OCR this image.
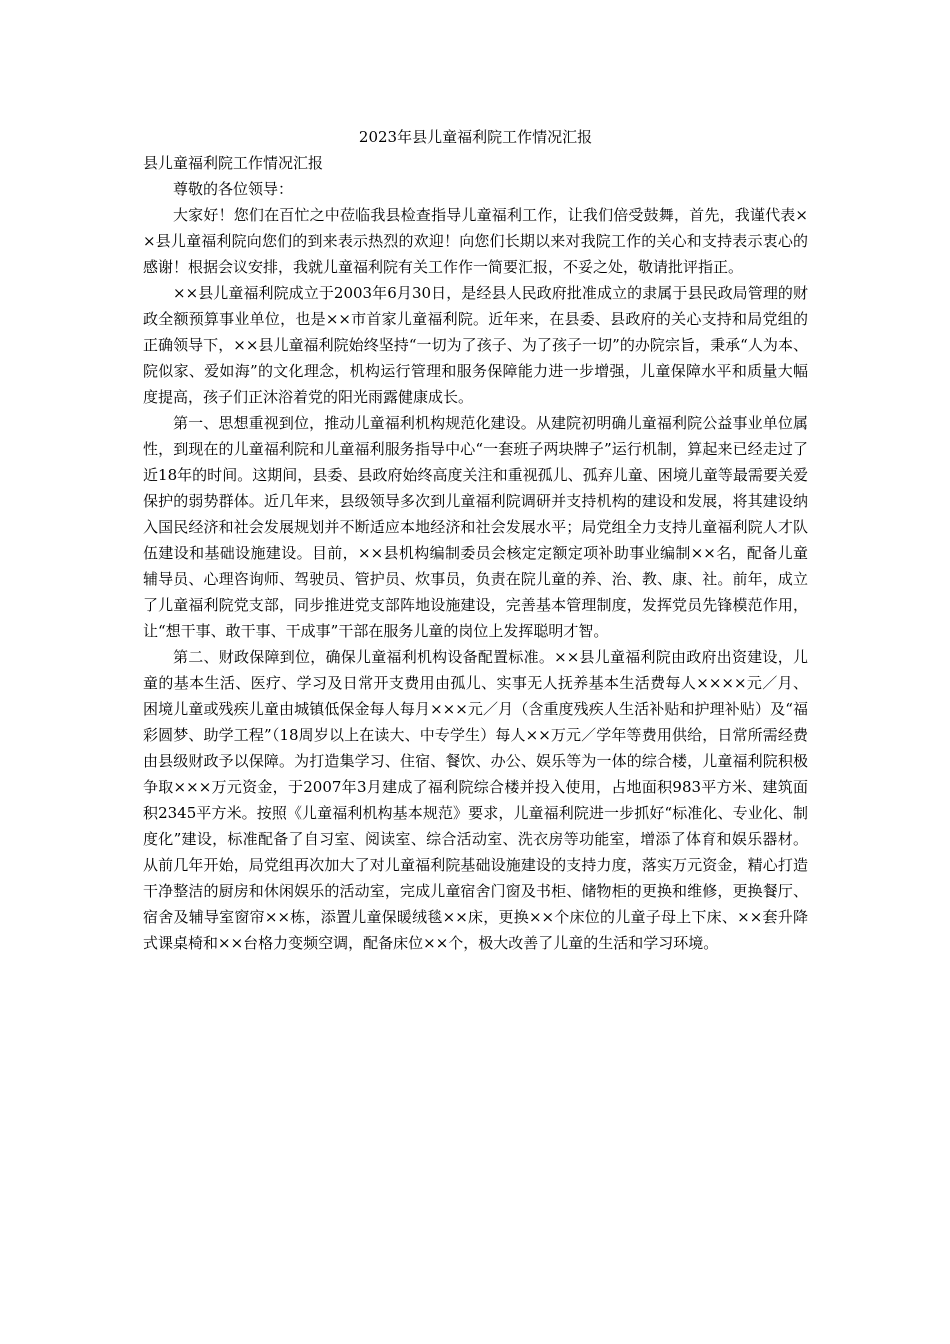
2023年县儿童福利院工作情况汇报

县儿童福利院工作情况汇报

尊敬的各位领导：

大家好！您们在百忙之中莅临我县检查指导儿童福利工作，让我们倍受鼓舞，首先，我谨代表××县儿童福利院向您们的到来表示热烈的欢迎！向您们长期以来对我院工作的关心和支持表示衷心的感谢！根据会议安排，我就儿童福利院有关工作作一简要汇报，不妥之处，敬请批评指正。

××县儿童福利院成立于2003年6月30日，是经县人民政府批准成立的隶属于县民政局管理的财政全额预算事业单位，也是××市首家儿童福利院。近年来，在县委、县政府的关心支持和局党组的正确领导下，××县儿童福利院始终坚持“一切为了孩子、为了孩子一切”的办院宗旨，秉承“人为本、院似家、爱如海”的文化理念，机构运行管理和服务保障能力进一步增强，儿童保障水平和质量大幅度提高，孩子们正沐浴着党的阳光雨露健康成长。

第一、思想重视到位，推动儿童福利机构规范化建设。从建院初明确儿童福利院公益事业单位属性，到现在的儿童福利院和儿童福利服务指导中心“一套班子两块牌子”运行机制，算起来已经走过了近18年的时间。这期间，县委、县政府始终高度关注和重视孤儿、孤弃儿童、困境儿童等最需要关爱保护的弱势群体。近几年来，县级领导多次到儿童福利院调研并支持机构的建设和发展，将其建设纳入国民经济和社会发展规划并不断适应本地经济和社会发展水平；局党组全力支持儿童福利院人才队伍建设和基础设施建设。目前，××县机构编制委员会核定定额定项补助事业编制××名，配备儿童辅导员、心理咨询师、驾驶员、管护员、炊事员，负责在院儿童的养、治、教、康、社。前年，成立了儿童福利院党支部，同步推进党支部阵地设施建设，完善基本管理制度，发挥党员先锋模范作用，让“想干事、敢干事、干成事”干部在服务儿童的岗位上发挥聪明才智。

第二、财政保障到位，确保儿童福利机构设备配置标准。××县儿童福利院由政府出资建设，儿童的基本生活、医疗、学习及日常开支费用由孤儿、实事无人抚养基本生活费每人××××元／月、困境儿童或残疾儿童由城镇低保金每人每月×××元／月（含重度残疾人生活补贴和护理补贴）及“福彩圆梦、助学工程”（18周岁以上在读大、中专学生）每人××万元／学年等费用供给，日常所需经费由县级财政予以保障。为打造集学习、住宿、餐饮、办公、娱乐等为一体的综合楼，儿童福利院积极争取×××万元资金，于2007年3月建成了福利院综合楼并投入使用，占地面积983平方米、建筑面积2345平方米。按照《儿童福利机构基本规范》要求，儿童福利院进一步抓好“标准化、专业化、制度化”建设，标准配备了自习室、阅读室、综合活动室、洗衣房等功能室，增添了体育和娱乐器材。从前几年开始，局党组再次加大了对儿童福利院基础设施建设的支持力度，落实万元资金，精心打造干净整洁的厨房和休闲娱乐的活动室，完成儿童宿舍门窗及书柜、储物柜的更换和维修，更换餐厅、宿舍及辅导室窗帘××栋，添置儿童保暖绒毯××床，更换××个床位的儿童子母上下床、××套升降式课桌椅和××台格力变频空调，配备床位××个，极大改善了儿童的生活和学习环境。
